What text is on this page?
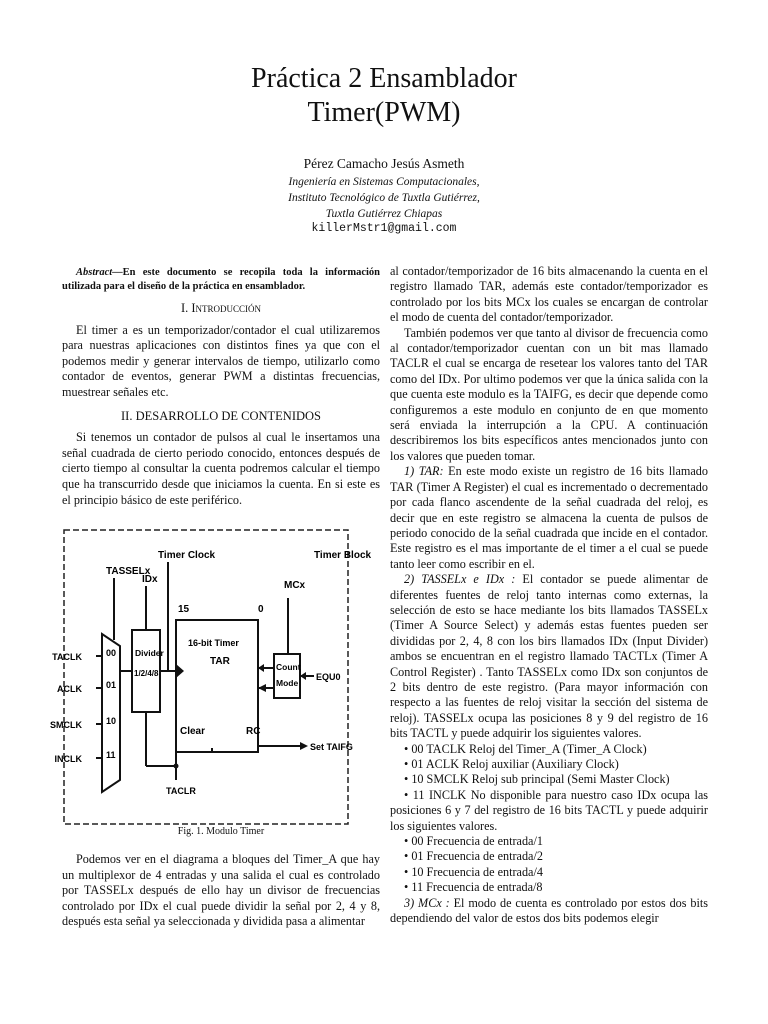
Práctica 2 Ensamblador
Timer(PWM)
Pérez Camacho Jesús Asmeth
Ingeniería en Sistemas Computacionales,
Instituto Tecnológico de Tuxtla Gutiérrez,
Tuxtla Gutiérrez Chiapas
killerMstr1@gmail.com

Abstract—En este documento se recopila toda la información utilizada para el diseño de la práctica en ensamblador.

I. Introducción

El timer a es un temporizador/contador el cual utilizaremos para nuestras aplicaciones con distintos fines ya que con el podemos medir y generar intervalos de tiempo, utilizarlo como contador de eventos, generar PWM a distintas frecuencias, muestrear señales etc.

II. DESARROLLO DE CONTENIDOS

Si tenemos un contador de pulsos al cual le insertamos una señal cuadrada de cierto periodo conocido, entonces después de cierto tiempo al consultar la cuenta podremos calcular el tiempo que ha transcurrido desde que iniciamos la cuenta. En si este es el principio básico de este periférico.

TASSELx
IDx
Timer Clock	Timer Block
MCx
15	0
TACLK
ACLK
SMCLK
INCLK
00
01
10
11
Divider
1/2/4/8
16-bit Timer
TAR
Clear	RC
Count
Mode
EQU0
TACLR
Set TAIFG
Fig. 1. Modulo Timer

Podemos ver en el diagrama a bloques del Timer_A que hay un multiplexor de 4 entradas y una salida el cual es controlado por TASSELx después de ello hay un divisor de frecuencias controlado por IDx el cual puede dividir la señal por 2, 4 y 8, después esta señal ya seleccionada y dividida pasa a alimentar

al contador/temporizador de 16 bits almacenando la cuenta en el registro llamado TAR, además este contador/temporizador es controlado por los bits MCx los cuales se encargan de controlar el modo de cuenta del contador/temporizador.

También podemos ver que tanto al divisor de frecuencia como al contador/temporizador cuentan con un bit mas llamado TACLR el cual se encarga de resetear los valores tanto del TAR como del IDx. Por ultimo podemos ver que la única salida con la que cuenta este modulo es la TAIFG, es decir que depende como configuremos a este modulo en conjunto de en que momento será enviada la interrupción a la CPU. A continuación describiremos los bits específicos antes mencionados junto con los valores que pueden tomar.

1) TAR: En este modo existe un registro de 16 bits llamado TAR (Timer A Register) el cual es incrementado o decrementado por cada flanco ascendente de la señal cuadrada del reloj, es decir que en este registro se almacena la cuenta de pulsos de periodo conocido de la señal cuadrada que incide en el contador. Este registro es el mas importante de el timer a el cual se puede tanto leer como escribir en el.

2) TASSELx e IDx : El contador se puede alimentar de diferentes fuentes de reloj tanto internas como externas, la selección de esto se hace mediante los bits llamados TASSELx (Timer A Source Select) y además estas fuentes pueden ser divididas por 2, 4, 8 con los birs llamados IDx (Input Divider) ambos se encuentran en el registro llamado TACTLx (Timer A Control Register) . Tanto TASSELx como IDx son conjuntos de 2 bits dentro de este registro. (Para mayor información con respecto a las fuentes de reloj visitar la sección del sistema de reloj). TASSELx ocupa las posiciones 8 y 9 del registro de 16 bits TACTL y puede adquirir los siguientes valores.

• 00 TACLK Reloj del Timer_A (Timer_A Clock)

• 01 ACLK Reloj auxiliar (Auxiliary Clock)

• 10 SMCLK Reloj sub principal (Semi Master Clock)

• 11 INCLK No disponible para nuestro caso IDx ocupa las posiciones 6 y 7 del registro de 16 bits TACTL y puede adquirir los siguientes valores.

• 00 Frecuencia de entrada/1

• 01 Frecuencia de entrada/2

• 10 Frecuencia de entrada/4

• 11 Frecuencia de entrada/8

3) MCx : El modo de cuenta es controlado por estos dos bits dependiendo del valor de estos dos bits podemos elegir
